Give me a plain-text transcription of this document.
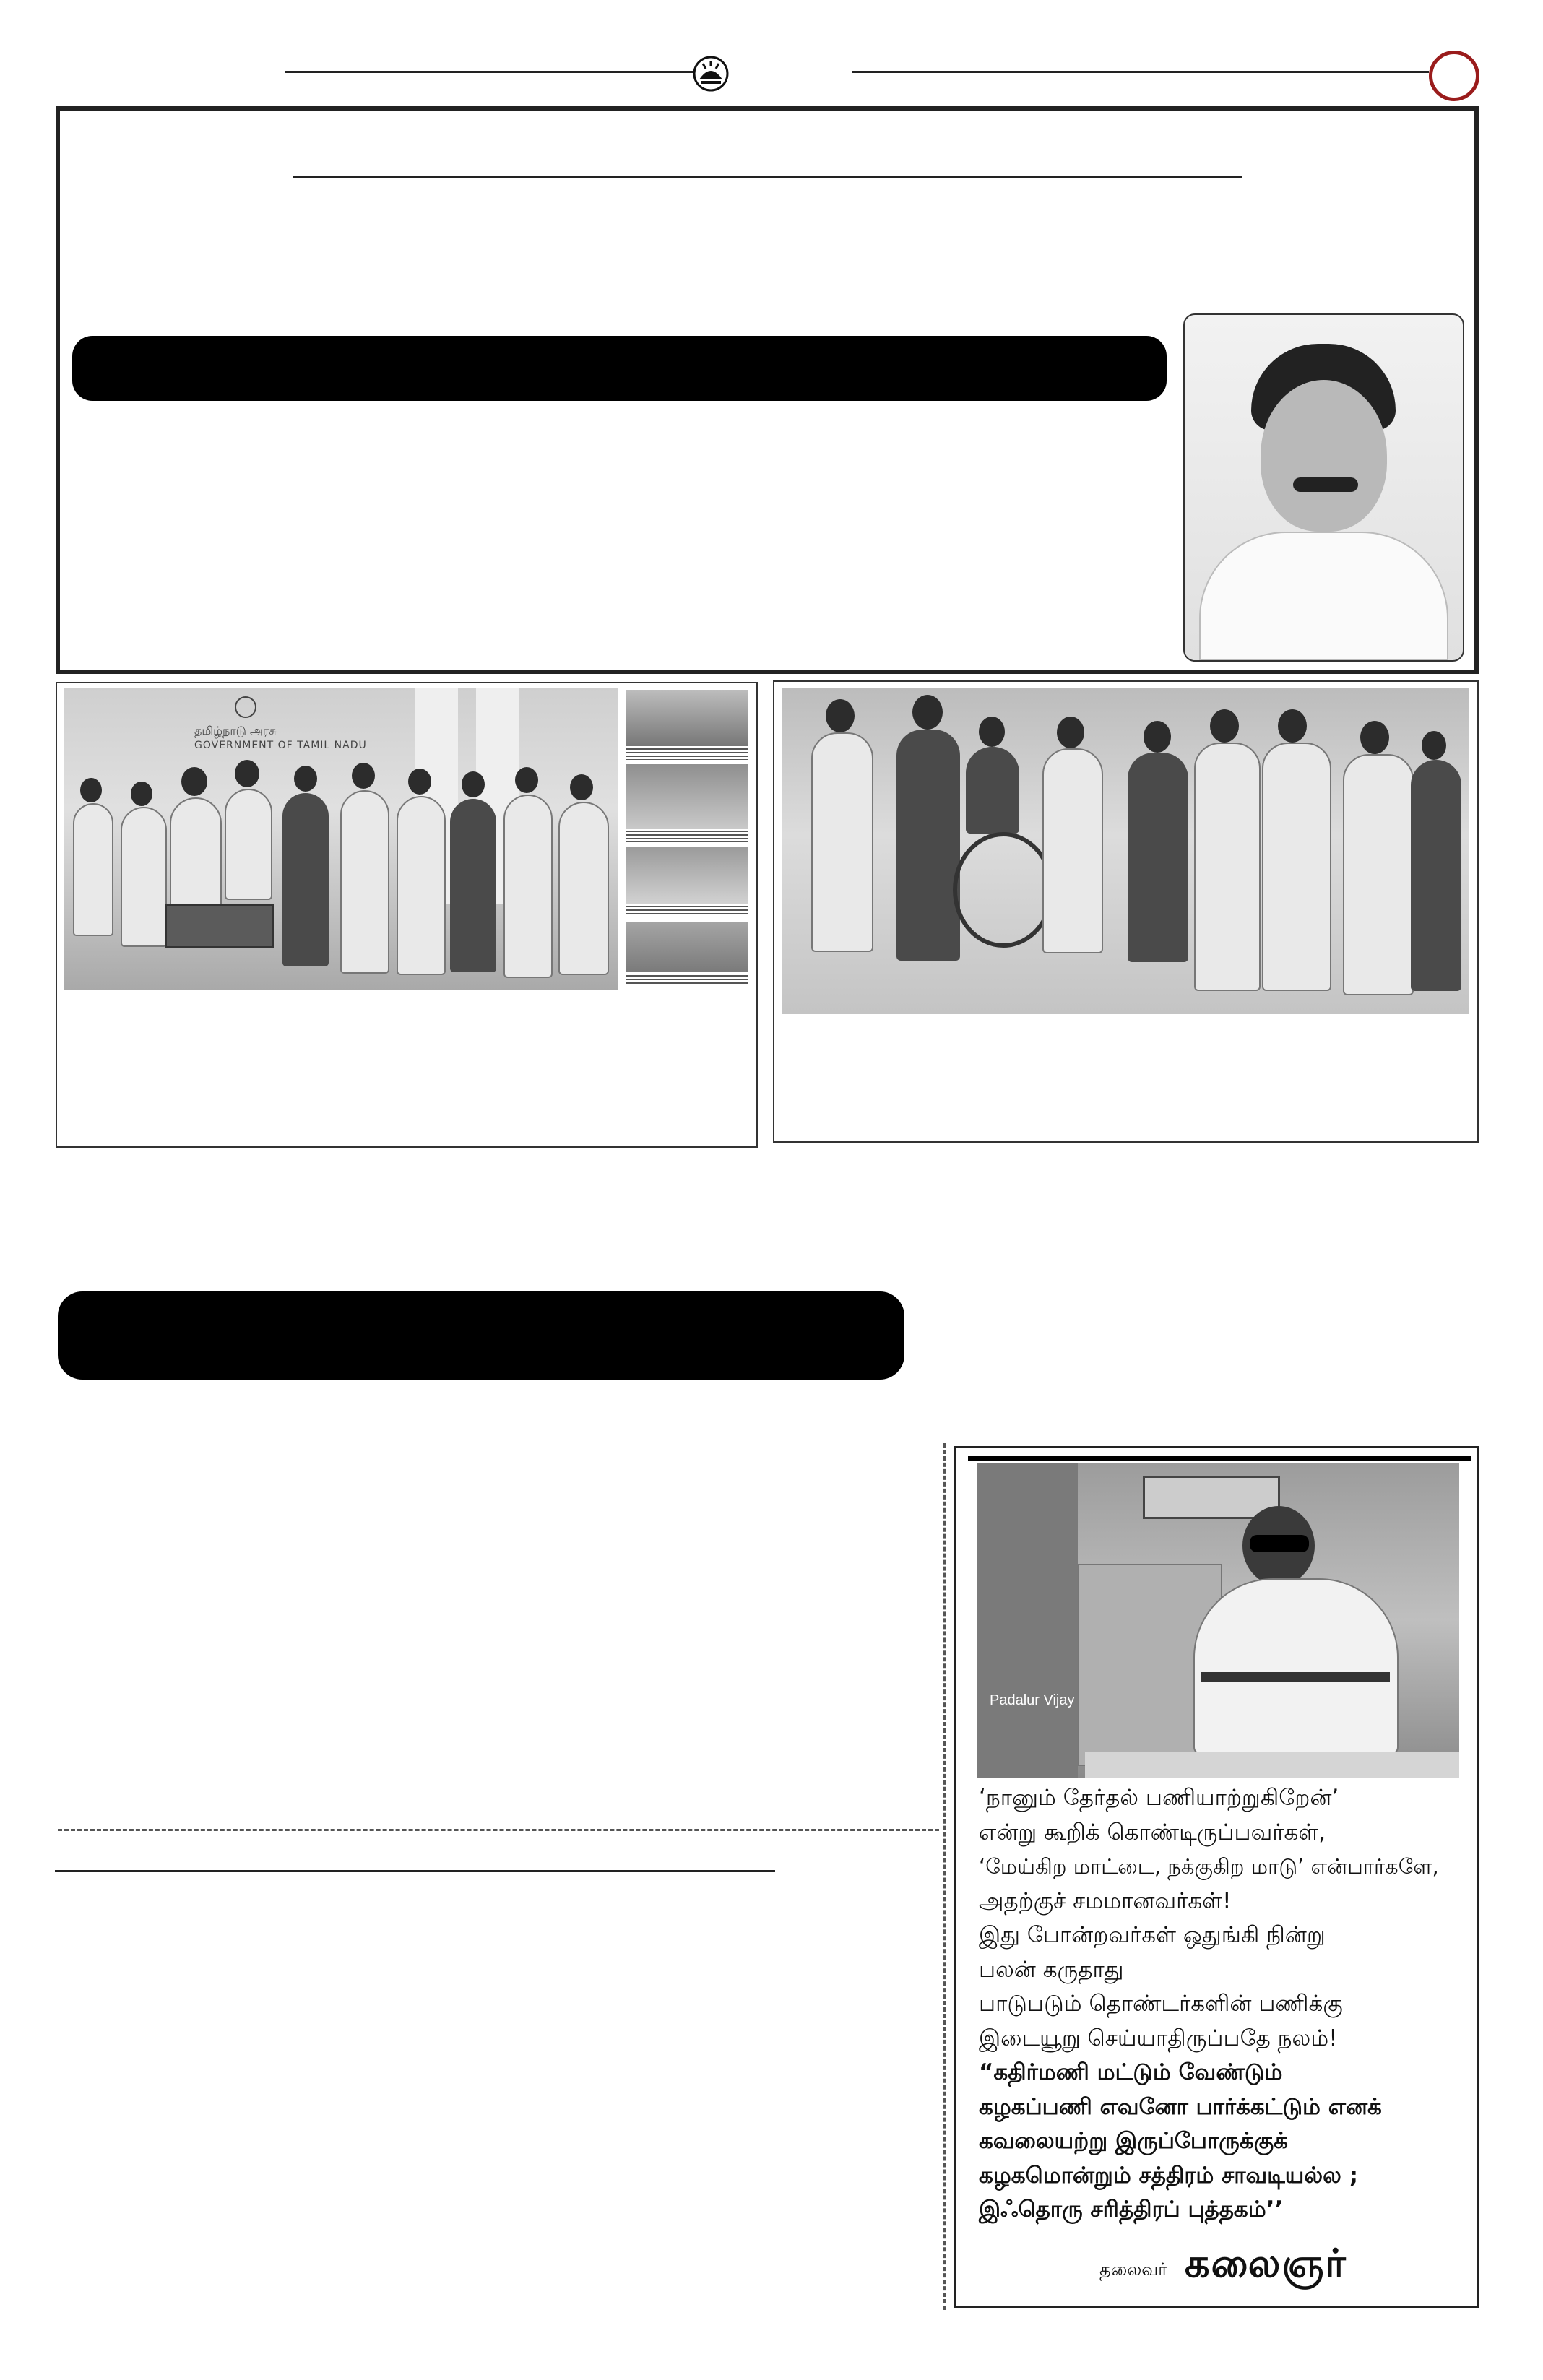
தமிழ்நாடு அரசு
GOVERNMENT OF TAMIL NADU
Padalur Vijay
‘நானும் தேர்தல் பணியாற்றுகிறேன்’
என்று கூறிக் கொண்டிருப்பவர்கள்,
‘மேய்கிற மாட்டை, நக்குகிற மாடு’ என்பார்களே,
அதற்குச் சமமானவர்கள்!
இது போன்றவர்கள் ஒதுங்கி நின்று
பலன் கருதாது
பாடுபடும் தொண்டர்களின் பணிக்கு
இடையூறு செய்யாதிருப்பதே நலம்!
“கதிர்மணி மட்டும் வேண்டும்
கழகப்பணி எவனோ பார்க்கட்டும் எனக்
கவலையற்று இருப்போருக்குக்
கழகமொன்றும் சத்திரம் சாவடியல்ல ;
இஃதொரு சரித்திரப் புத்தகம்’’
தலைவர் கலைஞர்
